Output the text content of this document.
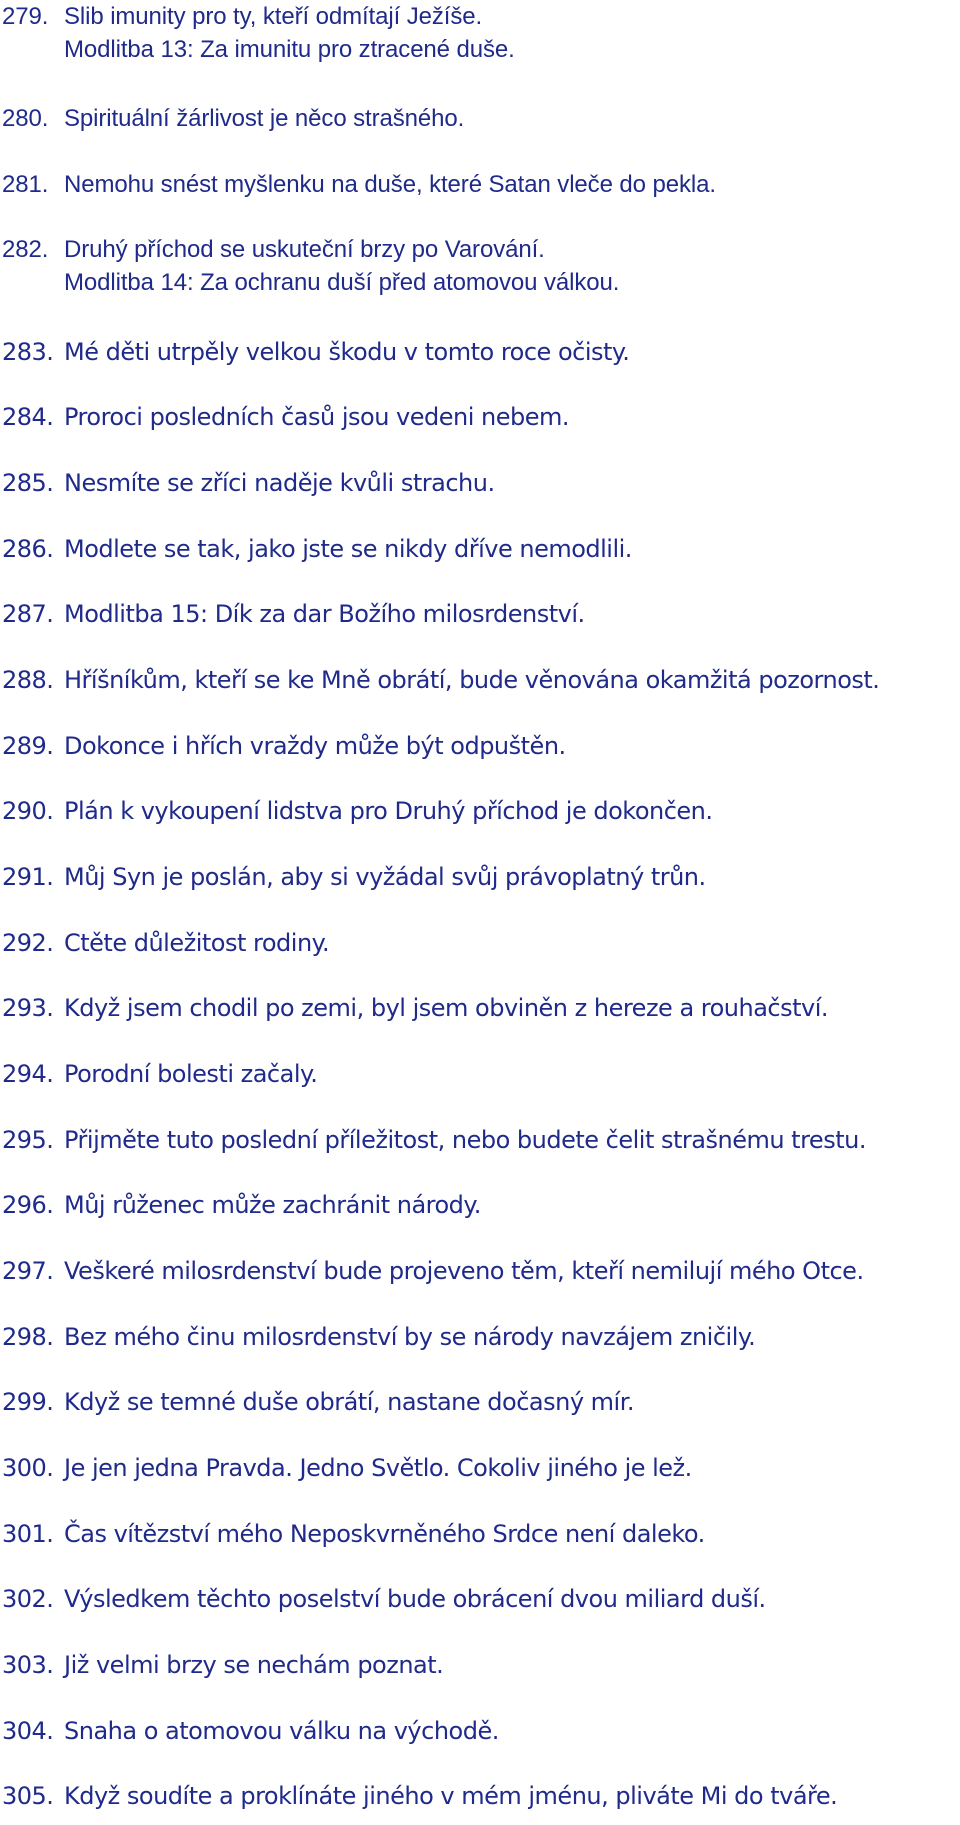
279. Slib imunity pro ty, kteří odmítají Ježíše.
Modlitba 13: Za imunitu pro ztracené duše.
280. Spirituální žárlivost je něco strašného.
281. Nemohu snést myšlenku na duše, které Satan vleče do pekla.
282. Druhý příchod se uskuteční brzy po Varování.
Modlitba 14: Za ochranu duší před atomovou válkou.
283. Mé děti utrpěly velkou škodu v tomto roce očisty.
284. Proroci posledních časů jsou vedeni nebem.
285. Nesmíte se zříci naděje kvůli strachu.
286. Modlete se tak, jako jste se nikdy dříve nemodlili.
287. Modlitba 15: Dík za dar Božího milosrdenství.
288. Hříšníkům, kteří se ke Mně obrátí, bude věnována okamžitá pozornost.
289. Dokonce i hřích vraždy může být odpuštěn.
290. Plán k vykoupení lidstva pro Druhý příchod je dokončen.
291. Můj Syn je poslán, aby si vyžádal svůj právoplatný trůn.
292. Ctěte důležitost rodiny.
293. Když jsem chodil po zemi, byl jsem obviněn z hereze a rouhačství.
294. Porodní bolesti začaly.
295. Přijměte tuto poslední příležitost, nebo budete čelit strašnému trestu.
296. Můj růženec může zachránit národy.
297. Veškeré milosrdenství bude projeveno těm, kteří nemilují mého Otce.
298. Bez mého činu milosrdenství by se národy navzájem zničily.
299. Když se temné duše obrátí, nastane dočasný mír.
300. Je jen jedna Pravda. Jedno Světlo. Cokoliv jiného je lež.
301. Čas vítězství mého Neposkvrněného Srdce není daleko.
302. Výsledkem těchto poselství bude obrácení dvou miliard duší.
303. Již velmi brzy se nechám poznat.
304. Snaha o atomovou válku na východě.
305. Když soudíte a proklínáte jiného v mém jménu, pliváte Mi do tváře.
